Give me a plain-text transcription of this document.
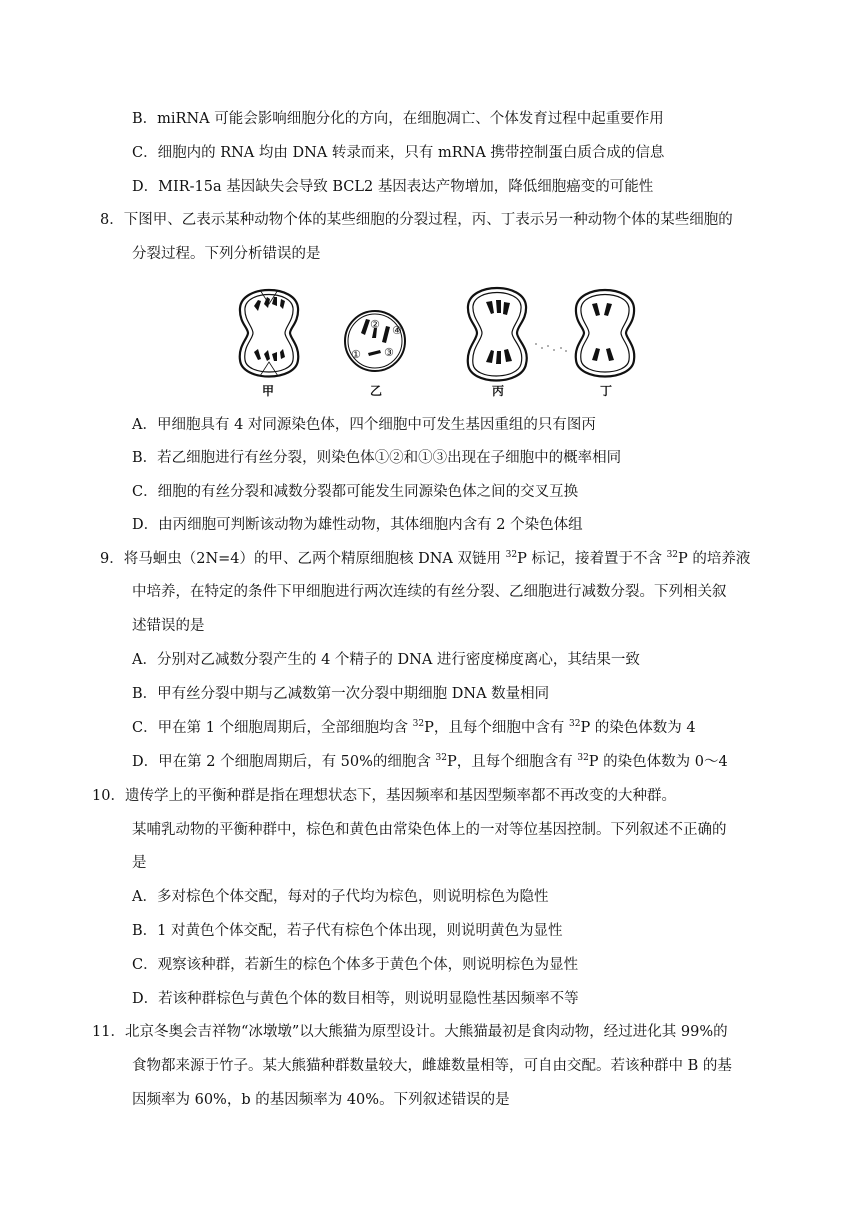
B．miRNA 可能会影响细胞分化的方向，在细胞凋亡、个体发育过程中起重要作用
C．细胞内的 RNA 均由 DNA 转录而来，只有 mRNA 携带控制蛋白质合成的信息
D．MIR-15a 基因缺失会导致 BCL2 基因表达产物增加，降低细胞癌变的可能性
8．下图甲、乙表示某种动物个体的某些细胞的分裂过程，丙、丁表示另一种动物个体的某些细胞的
分裂过程。下列分析错误的是
①
②
③
④
甲	乙	丙	丁
A．甲细胞具有 4 对同源染色体，四个细胞中可发生基因重组的只有图丙
B．若乙细胞进行有丝分裂，则染色体①②和①③出现在子细胞中的概率相同
C．细胞的有丝分裂和减数分裂都可能发生同源染色体之间的交叉互换
D．由丙细胞可判断该动物为雄性动物，其体细胞内含有 2 个染色体组
9．将马蛔虫（2N=4）的甲、乙两个精原细胞核 DNA 双链用 $^{32}$P 标记，接着置于不含 $^{32}$P 的培养液
中培养，在特定的条件下甲细胞进行两次连续的有丝分裂、乙细胞进行减数分裂。下列相关叙
述错误的是
A．分别对乙减数分裂产生的 4 个精子的 DNA 进行密度梯度离心，其结果一致
B．甲有丝分裂中期与乙减数第一次分裂中期细胞 DNA 数量相同
C．甲在第 1 个细胞周期后，全部细胞均含 $^{32}$P，且每个细胞中含有 $^{32}$P 的染色体数为 4
D．甲在第 2 个细胞周期后，有 50%的细胞含 $^{32}$P，且每个细胞含有 $^{32}$P 的染色体数为 0～4
10．遗传学上的平衡种群是指在理想状态下，基因频率和基因型频率都不再改变的大种群。
某哺乳动物的平衡种群中，棕色和黄色由常染色体上的一对等位基因控制。下列叙述不正确的
是
A．多对棕色个体交配，每对的子代均为棕色，则说明棕色为隐性
B．1 对黄色个体交配，若子代有棕色个体出现，则说明黄色为显性
C．观察该种群，若新生的棕色个体多于黄色个体，则说明棕色为显性
D．若该种群棕色与黄色个体的数目相等，则说明显隐性基因频率不等
11．北京冬奥会吉祥物“冰墩墩”以大熊猫为原型设计。大熊猫最初是食肉动物，经过进化其 99%的
食物都来源于竹子。某大熊猫种群数量较大，雌雄数量相等，可自由交配。若该种群中 B 的基
因频率为 60%，b 的基因频率为 40%。下列叙述错误的是
